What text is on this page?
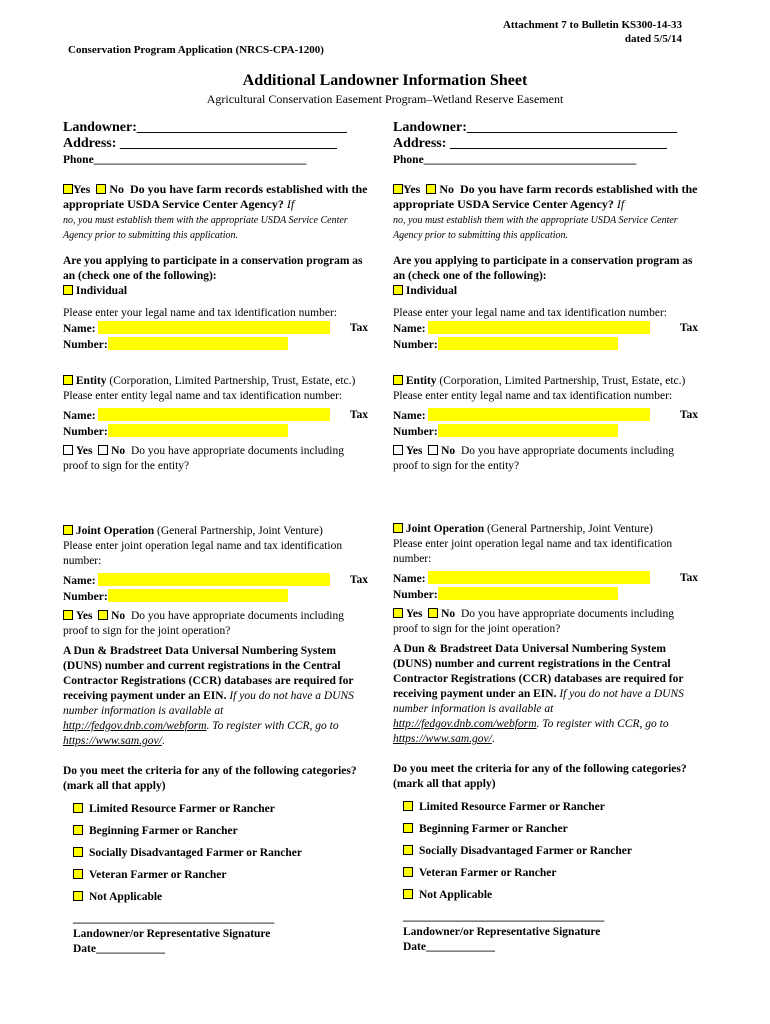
Attachment 7 to Bulletin KS300-14-33
dated 5/5/14
Conservation Program Application (NRCS-CPA-1200)
Additional Landowner Information Sheet
Agricultural Conservation Easement Program–Wetland Reserve Easement
Landowner:______________________________
Address: _______________________________
Phone_____________________________________
Yes No Do you have farm records established with the appropriate USDA Service Center Agency? If
no, you must establish them with the appropriate USDA Service Center Agency prior to submitting this application.
Are you applying to participate in a conservation program as an (check one of the following):
Individual
Please enter your legal name and tax identification number:
Name:	Tax
Number:
Entity (Corporation, Limited Partnership, Trust, Estate, etc.)
Please enter entity legal name and tax identification number:
Name:	Tax
Number:
Yes No Do you have appropriate documents including proof to sign for the entity?
Joint Operation (General Partnership, Joint Venture)
Please enter joint operation legal name and tax identification number:
Name:	Tax
Number:
Yes No Do you have appropriate documents including proof to sign for the joint operation?
A Dun & Bradstreet Data Universal Numbering System (DUNS) number and current registrations in the Central Contractor Registrations (CCR) databases are required for receiving payment under an EIN. If you do not have a DUNS number information is available at http://fedgov.dnb.com/webform. To register with CCR, go to https://www.sam.gov/.
Do you meet the criteria for any of the following categories? (mark all that apply)
Limited Resource Farmer or Rancher
Beginning Farmer or Rancher
Socially Disadvantaged Farmer or Rancher
Veteran Farmer or Rancher
Not Applicable
___________________________________
Landowner/or Representative Signature
Date____________
Landowner:______________________________
Address: _______________________________
Phone_____________________________________
Yes No Do you have farm records established with the appropriate USDA Service Center Agency? If
no, you must establish them with the appropriate USDA Service Center Agency prior to submitting this application.
Are you applying to participate in a conservation program as an (check one of the following):
Individual
Please enter your legal name and tax identification number:
Name:	Tax
Number:
Entity (Corporation, Limited Partnership, Trust, Estate, etc.)
Please enter entity legal name and tax identification number:
Name:	Tax
Number:
Yes No Do you have appropriate documents including proof to sign for the entity?
Joint Operation (General Partnership, Joint Venture)
Please enter joint operation legal name and tax identification number:
Name:	Tax
Number:
Yes No Do you have appropriate documents including proof to sign for the joint operation?
A Dun & Bradstreet Data Universal Numbering System (DUNS) number and current registrations in the Central Contractor Registrations (CCR) databases are required for receiving payment under an EIN. If you do not have a DUNS number information is available at http://fedgov.dnb.com/webform. To register with CCR, go to https://www.sam.gov/.
Do you meet the criteria for any of the following categories? (mark all that apply)
Limited Resource Farmer or Rancher
Beginning Farmer or Rancher
Socially Disadvantaged Farmer or Rancher
Veteran Farmer or Rancher
Not Applicable
___________________________________
Landowner/or Representative Signature
Date____________
